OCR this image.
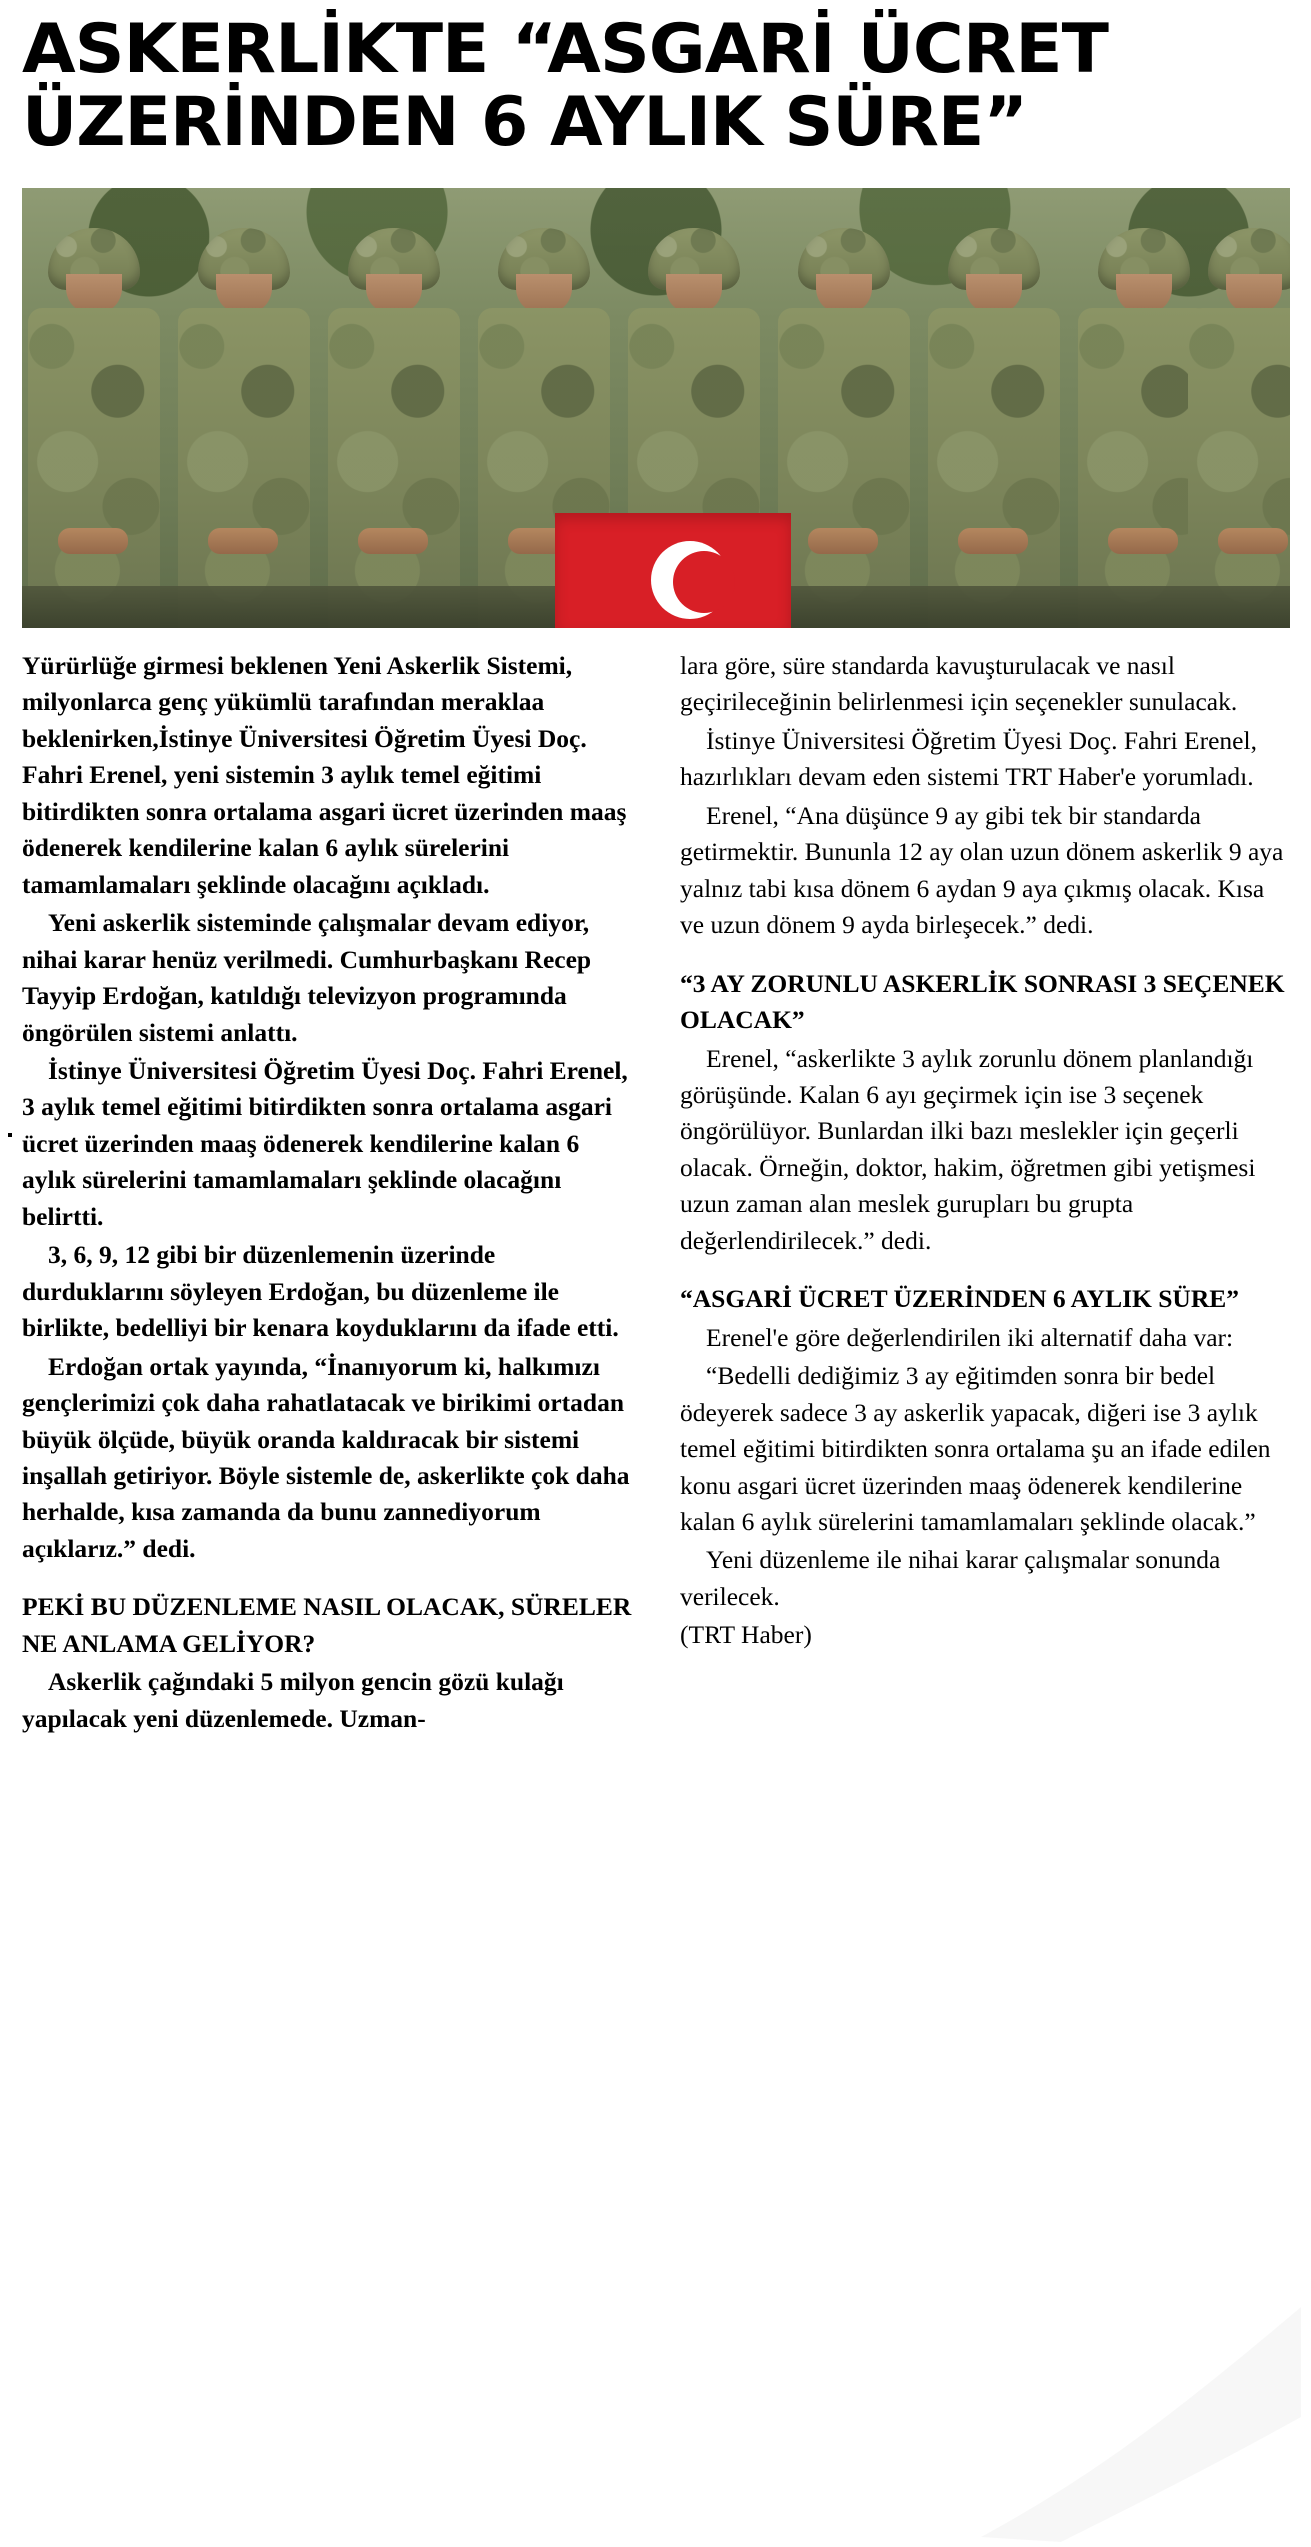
ASKERLİKTE “ASGARİ ÜCRET
ÜZERİNDEN 6 AYLIK SÜRE”

Yürürlüğe girmesi beklenen Yeni Askerlik Sistemi, milyonlarca genç yükümlü tarafından meraklaa beklenirken,İstinye Üniversitesi Öğretim Üyesi Doç. Fahri Erenel, yeni sistemin 3 aylık temel eğitimi bitirdikten sonra ortalama asgari ücret üzerinden maaş ödenerek kendilerine kalan 6 aylık sürelerini tamamlamaları şeklinde olacağını açıkladı.

Yeni askerlik sisteminde çalışmalar devam ediyor, nihai karar henüz verilmedi. Cumhurbaşkanı Recep Tayyip Erdoğan, katıldığı televizyon programında öngörülen sistemi anlattı.

İstinye Üniversitesi Öğretim Üyesi Doç. Fahri Erenel, 3 aylık temel eğitimi bitirdikten sonra ortalama asgari ücret üzerinden maaş ödenerek kendilerine kalan 6 aylık sürelerini tamamlamaları şeklinde olacağını belirtti.

3, 6, 9, 12 gibi bir düzenlemenin üzerinde durduklarını söyleyen Erdoğan, bu düzenleme ile birlikte, bedelliyi bir kenara koyduklarını da ifade etti.

Erdoğan ortak yayında, “İnanıyorum ki, halkımızı gençlerimizi çok daha rahatlatacak ve birikimi ortadan büyük ölçüde, büyük oranda kaldıracak bir sistemi inşallah getiriyor. Böyle sistemle de, askerlikte çok daha herhalde, kısa zamanda da bunu zannediyorum açıklarız.” dedi.

PEKİ BU DÜZENLEME NASIL OLACAK, SÜRELER NE ANLAMA GELİYOR?

Askerlik çağındaki 5 milyon gencin gözü kulağı yapılacak yeni düzenlemede. Uzman-

lara göre, süre standarda kavuşturulacak ve nasıl geçirileceğinin belirlenmesi için seçenekler sunulacak.

İstinye Üniversitesi Öğretim Üyesi Doç. Fahri Erenel, hazırlıkları devam eden sistemi TRT Haber'e yorumladı.

Erenel, “Ana düşünce 9 ay gibi tek bir standarda getirmektir. Bununla 12 ay olan uzun dönem askerlik 9 aya yalnız tabi kısa dönem 6 aydan 9 aya çıkmış olacak. Kısa ve uzun dönem 9 ayda birleşecek.” dedi.

“3 AY ZORUNLU ASKERLİK SONRASI 3 SEÇENEK OLACAK”

Erenel, “askerlikte 3 aylık zorunlu dönem planlandığı görüşünde. Kalan 6 ayı geçirmek için ise 3 seçenek öngörülüyor. Bunlardan ilki bazı meslekler için geçerli olacak. Örneğin, doktor, hakim, öğretmen gibi yetişmesi uzun zaman alan meslek gurupları bu grupta değerlendirilecek.” dedi.

“ASGARİ ÜCRET ÜZERİNDEN 6 AYLIK SÜRE”

Erenel'e göre değerlendirilen iki alternatif daha var:

“Bedelli dediğimiz 3 ay eğitimden sonra bir bedel ödeyerek sadece 3 ay askerlik yapacak, diğeri ise 3 aylık temel eğitimi bitirdikten sonra ortalama şu an ifade edilen konu asgari ücret üzerinden maaş ödenerek kendilerine kalan 6 aylık sürelerini tamamlamaları şeklinde olacak.”

Yeni düzenleme ile nihai karar çalışmalar sonunda verilecek.

(TRT Haber)
